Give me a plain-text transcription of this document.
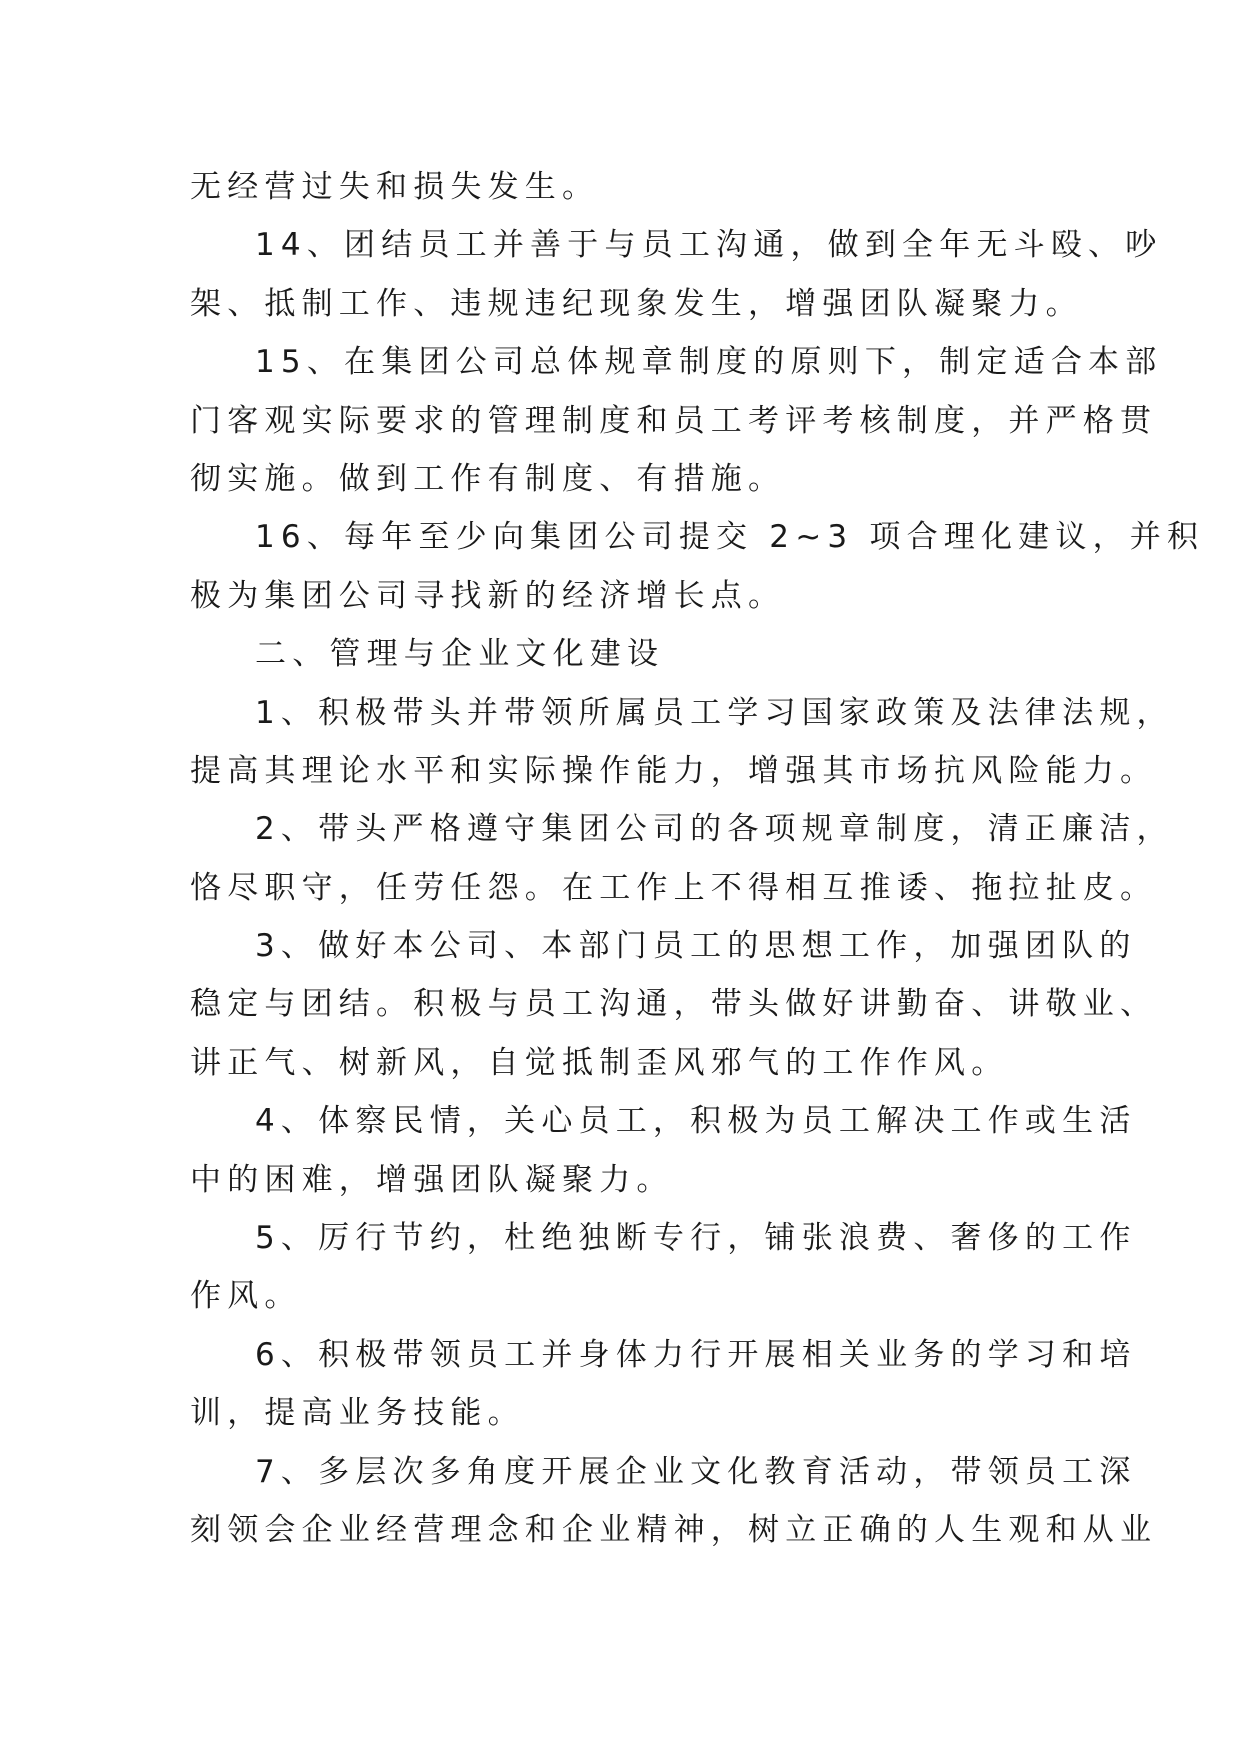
无经营过失和损失发生。
14、团结员工并善于与员工沟通，做到全年无斗殴、吵
架、抵制工作、违规违纪现象发生，增强团队凝聚力。
15、在集团公司总体规章制度的原则下，制定适合本部
门客观实际要求的管理制度和员工考评考核制度，并严格贯
彻实施。做到工作有制度、有措施。
16、每年至少向集团公司提交 2~3 项合理化建议，并积
极为集团公司寻找新的经济增长点。
二、管理与企业文化建设
1、积极带头并带领所属员工学习国家政策及法律法规，
提高其理论水平和实际操作能力，增强其市场抗风险能力。
2、带头严格遵守集团公司的各项规章制度，清正廉洁，
恪尽职守，任劳任怨。在工作上不得相互推诿、拖拉扯皮。
3、做好本公司、本部门员工的思想工作，加强团队的
稳定与团结。积极与员工沟通，带头做好讲勤奋、讲敬业、
讲正气、树新风，自觉抵制歪风邪气的工作作风。
4、体察民情，关心员工，积极为员工解决工作或生活
中的困难，增强团队凝聚力。
5、厉行节约，杜绝独断专行，铺张浪费、奢侈的工作
作风。
6、积极带领员工并身体力行开展相关业务的学习和培
训，提高业务技能。
7、多层次多角度开展企业文化教育活动，带领员工深
刻领会企业经营理念和企业精神，树立正确的人生观和从业
